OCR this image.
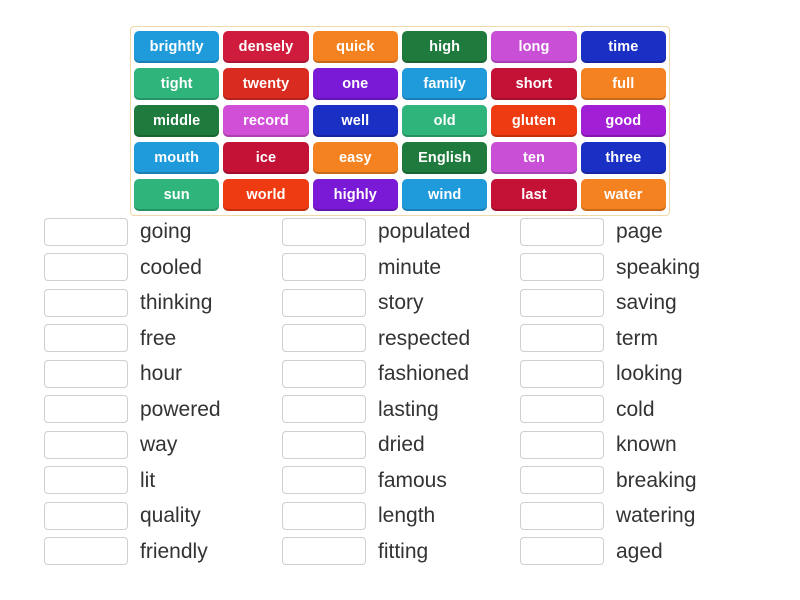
brightly	densely	quick	high	long	time
tight	twenty	one	family	short	full
middle	record	well	old	gluten	good
mouth	ice	easy	English	ten	three
sun	world	highly	wind	last	water
going
cooled
thinking
free
hour
powered
way
lit
quality
friendly
populated
minute
story
respected
fashioned
lasting
dried
famous
length
fitting
page
speaking
saving
term
looking
cold
known
breaking
watering
aged
